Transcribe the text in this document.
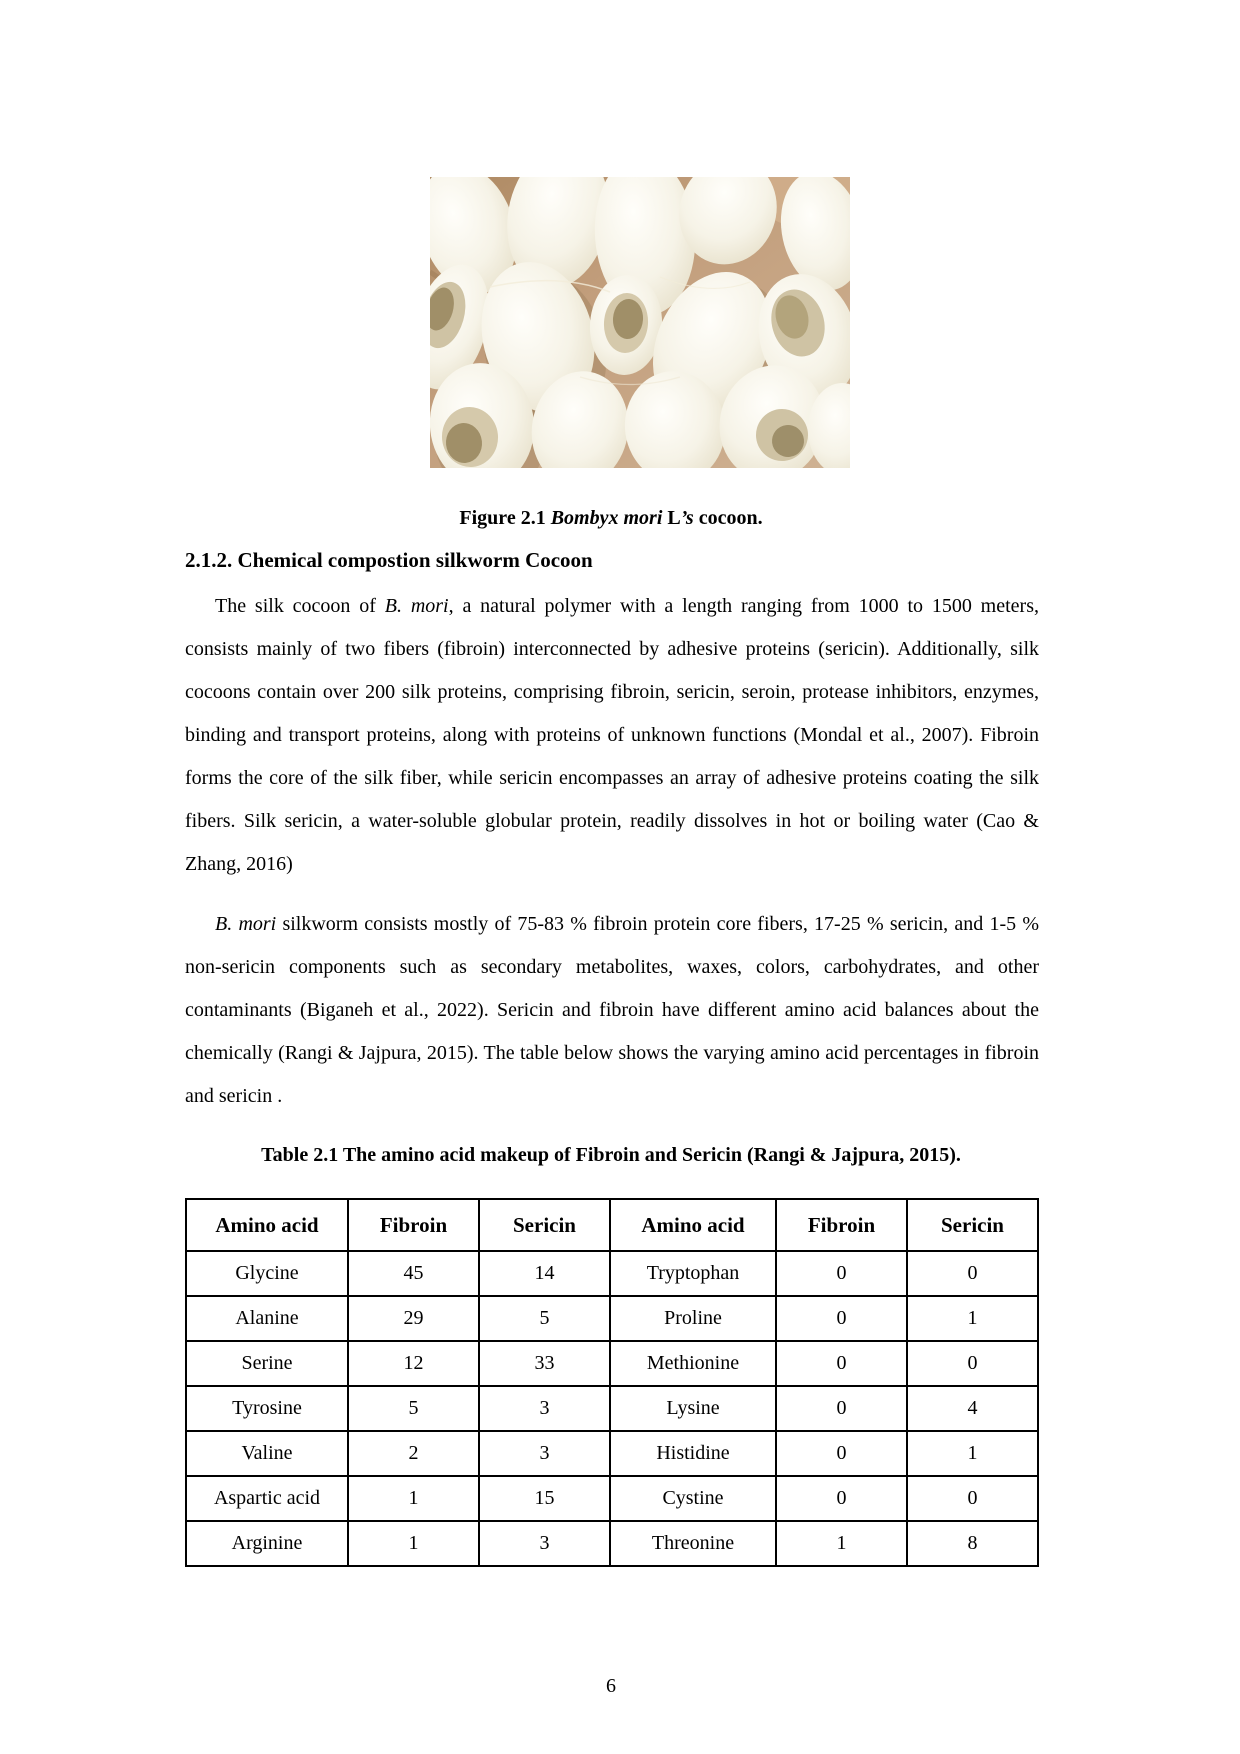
Figure 2.1 Bombyx mori L’s cocoon.
2.1.2. Chemical compostion silkworm Cocoon
The silk cocoon of B. mori, a natural polymer with a length ranging from 1000 to 1500 meters, consists mainly of two fibers (fibroin) interconnected by adhesive proteins (sericin). Additionally, silk cocoons contain over 200 silk proteins, comprising fibroin, sericin, seroin, protease inhibitors, enzymes, binding and transport proteins, along with proteins of unknown functions (Mondal et al., 2007). Fibroin forms the core of the silk fiber, while sericin encompasses an array of adhesive proteins coating the silk fibers. Silk sericin, a water-soluble globular protein, readily dissolves in hot or boiling water (Cao & Zhang, 2016)
B. mori silkworm consists mostly of 75-83 % fibroin protein core fibers, 17-25 % sericin, and 1-5 % non-sericin components such as secondary metabolites, waxes, colors, carbohydrates, and other contaminants (Biganeh et al., 2022). Sericin and fibroin have different amino acid balances about the chemically (Rangi & Jajpura, 2015). The table below shows the varying amino acid percentages in fibroin and sericin .
Table 2.1 The amino acid makeup of Fibroin and Sericin (Rangi & Jajpura, 2015).
Amino acid	Fibroin	Sericin	Amino acid	Fibroin	Sericin
Glycine	45	14	Tryptophan	0	0
Alanine	29	5	Proline	0	1
Serine	12	33	Methionine	0	0
Tyrosine	5	3	Lysine	0	4
Valine	2	3	Histidine	0	1
Aspartic acid	1	15	Cystine	0	0
Arginine	1	3	Threonine	1	8
6
